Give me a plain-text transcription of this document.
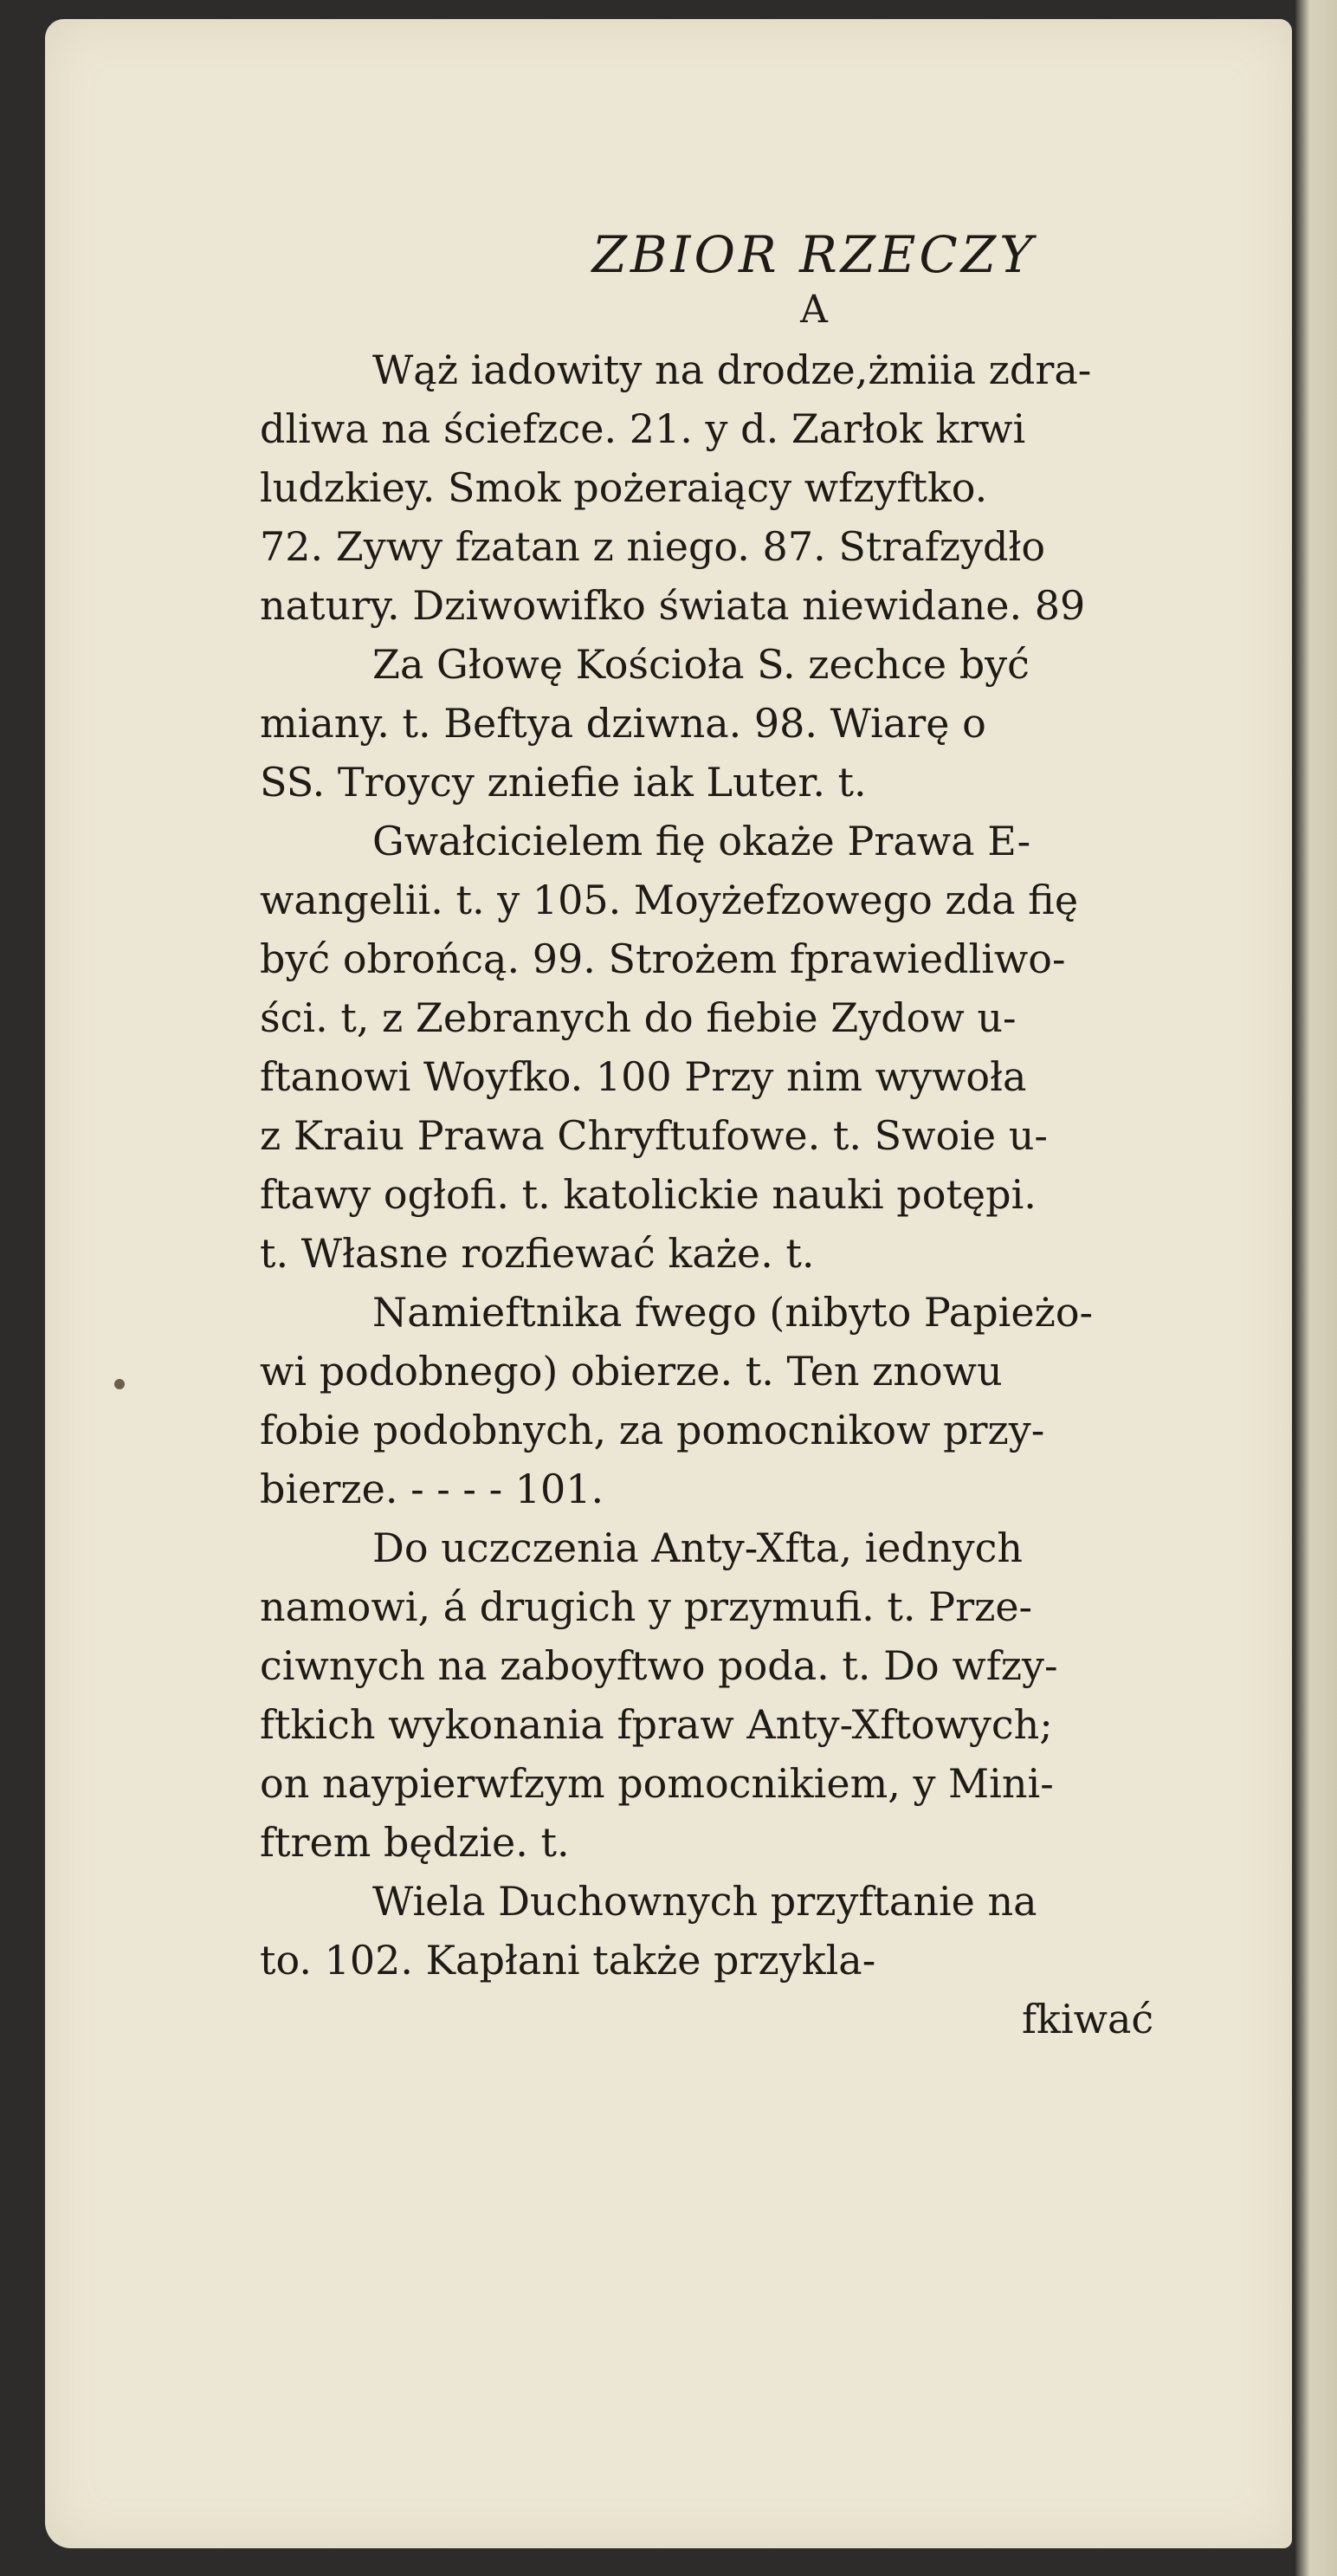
ZBIOR RZECZY
A

Wąż iadowity na drodze,żmiia zdra-

dliwa na ściefzce. 21. y d. Zarłok krwi

ludzkiey. Smok pożeraiący wfzyftko.

72. Zywy fzatan z niego. 87. Strafzydło

natury. Dziwowifko świata niewidane. 89

Za Głowę Kościoła S. zechce być

miany. t. Beftya dziwna. 98. Wiarę o

SS. Troycy zniefie iak Luter. t.

Gwałcicielem fię okaże Prawa E-

wangelii. t. y 105. Moyżefzowego zda fię

być obrońcą. 99. Strożem fprawiedliwo-

ści. t, z Zebranych do fiebie Zydow u-

ftanowi Woyfko. 100 Przy nim wywoła

z Kraiu Prawa Chryftufowe. t. Swoie u-

ftawy ogłofi. t. katolickie nauki potępi.

t. Własne rozfiewać każe. t.

Namieftnika fwego (nibyto Papieżo-

wi podobnego) obierze. t. Ten znowu

fobie podobnych, za pomocnikow przy-

bierze. - - - - 101.

Do uczczenia Anty-Xfta, iednych

namowi, á drugich y przymufi. t. Prze-

ciwnych na zaboyftwo poda. t. Do wfzy-

ftkich wykonania fpraw Anty-Xftowych;

on naypierwfzym pomocnikiem, y Mini-

ftrem będzie. t.

Wiela Duchownych przyftanie na

to. 102. Kapłani także przykla-

fkiwać
